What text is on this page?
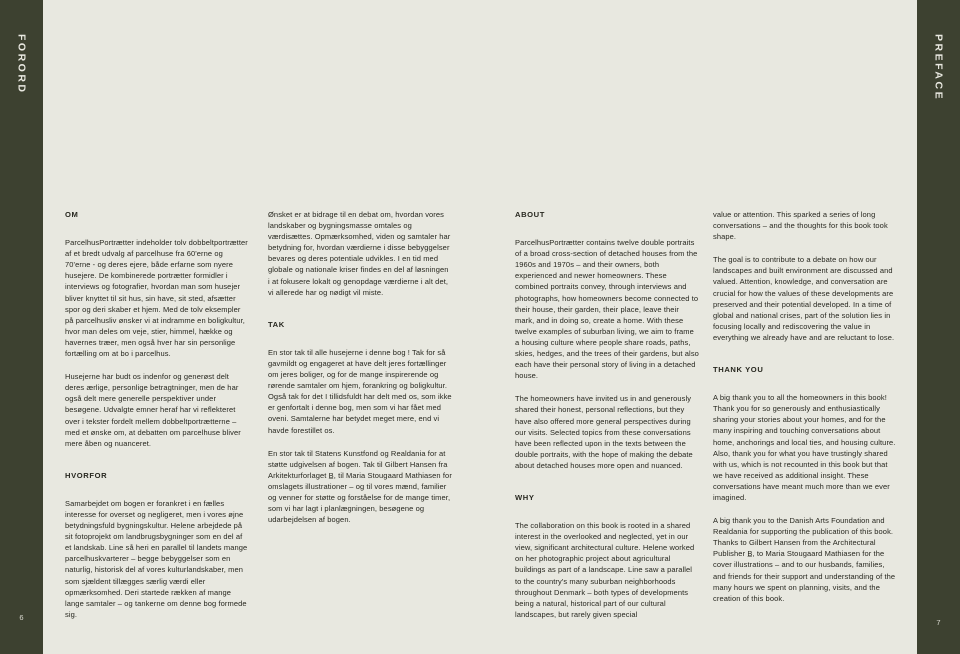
FORORD
6
PREFACE
7
OM

ParcelhusPortrætter indeholder tolv dobbeltportrætter af et bredt udvalg af parcelhuse fra 60'erne og 70'erne - og deres ejere, både erfarne som nyere husejere. De kombinerede portrætter formidler i interviews og fotografier, hvordan man som husejer bliver knyttet til sit hus, sin have, sit sted, afsætter spor og deri skaber et hjem. Med de tolv eksempler på parcelhusliv ønsker vi at indramme en boligkultur, hvor man deles om veje, stier, himmel, hække og havernes træer, men også hver har sin personlige fortælling om at bo i parcelhus.

Husejerne har budt os indenfor og generøst delt deres ærlige, personlige betragtninger, men de har også delt mere generelle perspektiver under besøgene. Udvalgte emner heraf har vi reflekteret over i tekster fordelt mellem dobbeltportrætterne – med et ønske om, at debatten om parcelhuse bliver mere åben og nuanceret.

HVORFOR

Samarbejdet om bogen er forankret i en fælles interesse for overset og negligeret, men i vores øjne betydningsfuld bygningskultur. Helene arbejdede på sit fotoprojekt om landbrugsbygninger som en del af et landskab. Line så heri en parallel til landets mange parcelhuskvarterer – begge bebyggelser som en naturlig, historisk del af vores kulturlandskaber, men som sjældent tillægges særlig værdi eller opmærksomhed. Deri startede rækken af mange lange samtaler – og tankerne om denne bog formede sig.

Ønsket er at bidrage til en debat om, hvordan vores landskaber og bygningsmasse omtales og værdisættes. Opmærksomhed, viden og samtaler har betydning for, hvordan værdierne i disse bebyggelser bevares og deres potentiale udvikles. I en tid med globale og nationale kriser findes en del af løsningen i at fokusere lokalt og genopdage værdierne i alt det, vi allerede har og nødigt vil miste.

TAK

En stor tak til alle husejerne i denne bog ! Tak for så gavmildt og engageret at have delt jeres fortællinger om jeres boliger, og for de mange inspirerende og rørende samtaler om hjem, forankring og boligkultur. Også tak for det I tillidsfuldt har delt med os, som ikke er genfortalt i denne bog, men som vi har fået med oveni. Samtalerne har betydet meget mere, end vi havde forestillet os.

En stor tak til Statens Kunstfond og Realdania for at støtte udgivelsen af bogen. Tak til Gilbert Hansen fra Arkitekturforlaget B̲, til Maria Stougaard Mathiasen for omslagets illustrationer – og til vores mænd, familier og venner for støtte og forståelse for de mange timer, som vi har lagt i planlægningen, besøgene og udarbejdelsen af bogen.

ABOUT

ParcelhusPortrætter contains twelve double portraits of a broad cross-section of detached houses from the 1960s and 1970s – and their owners, both experienced and newer homeowners. These combined portraits convey, through interviews and photographs, how homeowners become connected to their house, their garden, their place, leave their mark, and in doing so, create a home. With these twelve examples of suburban living, we aim to frame a housing culture where people share roads, paths, skies, hedges, and the trees of their gardens, but also each have their personal story of living in a detached house.

The homeowners have invited us in and generously shared their honest, personal reflections, but they have also offered more general perspectives during our visits. Selected topics from these conversations have been reflected upon in the texts between the double portraits, with the hope of making the debate about detached houses more open and nuanced.

WHY

The collaboration on this book is rooted in a shared interest in the overlooked and neglected, yet in our view, significant architectural culture. Helene worked on her photographic project about agricultural buildings as part of a landscape. Line saw a parallel to the country's many suburban neighborhoods throughout Denmark – both types of developments being a natural, historical part of our cultural landscapes, but rarely given special

value or attention. This sparked a series of long conversations – and the thoughts for this book took shape.

The goal is to contribute to a debate on how our landscapes and built environment are discussed and valued. Attention, knowledge, and conversation are crucial for how the values of these developments are preserved and their potential developed. In a time of global and national crises, part of the solution lies in focusing locally and rediscovering the value in everything we already have and are reluctant to lose.

THANK YOU

A big thank you to all the homeowners in this book! Thank you for so generously and enthusiastically sharing your stories about your homes, and for the many inspiring and touching conversations about home, anchorings and local ties, and housing culture. Also, thank you for what you have trustingly shared with us, which is not recounted in this book but that we have received as additional insight. These conversations have meant much more than we ever imagined.

A big thank you to the Danish Arts Foundation and Realdania for supporting the publication of this book. Thanks to Gilbert Hansen from the Architectural Publisher B̲, to Maria Stougaard Mathiasen for the cover illustrations – and to our husbands, families, and friends for their support and understanding of the many hours we spent on planning, visits, and the creation of this book.
